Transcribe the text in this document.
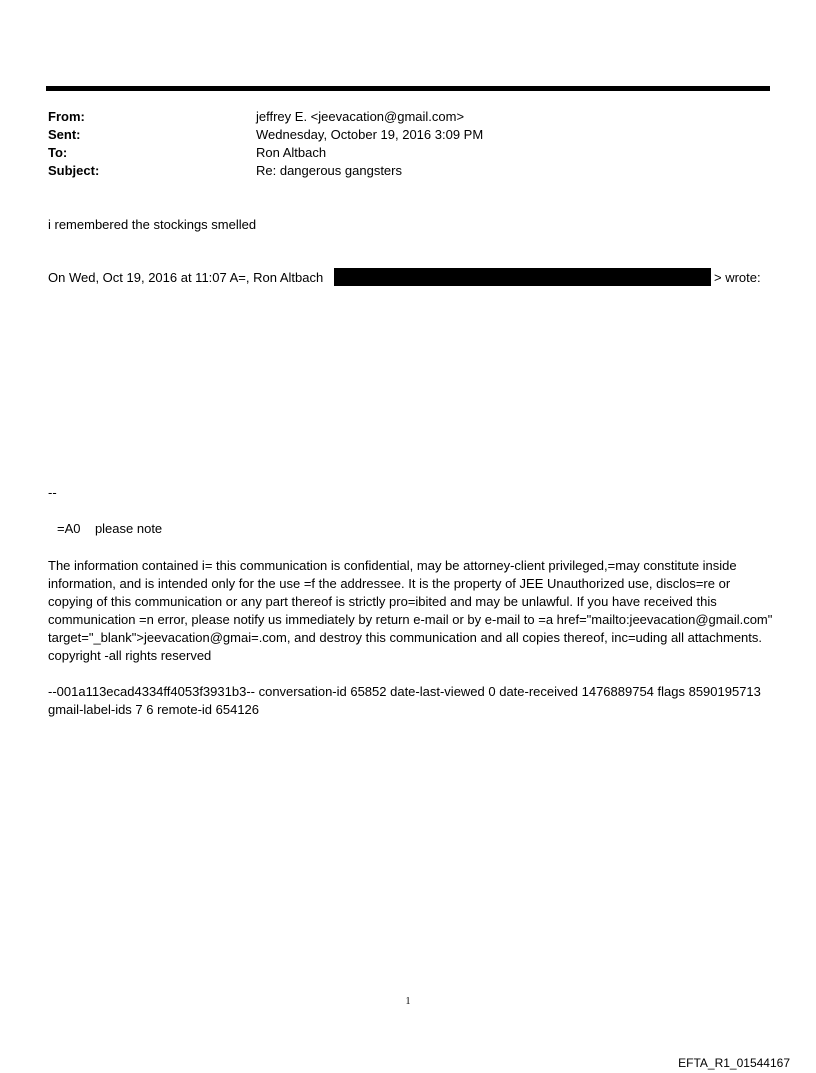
From:	jeffrey E. <jeevacation@gmail.com>
Sent:	Wednesday, October 19, 2016 3:09 PM
To:	Ron Altbach
Subject:	Re: dangerous gangsters
i remembered the stockings smelled
On Wed, Oct 19, 2016 at 11:07 A=, Ron Altbach	> wrote:
--
=A0    please note
The information contained i= this communication is confidential, may be attorney-client privileged,=may constitute inside information, and is intended only for the use =f the addressee. It is the property of JEE Unauthorized use, disclos=re or copying of this communication or any part thereof is strictly pro=ibited and may be unlawful. If you have received this communication =n error, please notify us immediately by return e-mail or by e-mail to =a href="mailto:jeevacation@gmail.com" target="_blank">jeevacation@gmai=.com, and destroy this communication and all copies thereof, inc=uding all attachments. copyright -all rights reserved
--001a113ecad4334ff4053f3931b3-- conversation-id 65852 date-last-viewed 0 date-received 1476889754 flags 8590195713 gmail-label-ids 7 6 remote-id 654126
1
EFTA_R1_01544167
